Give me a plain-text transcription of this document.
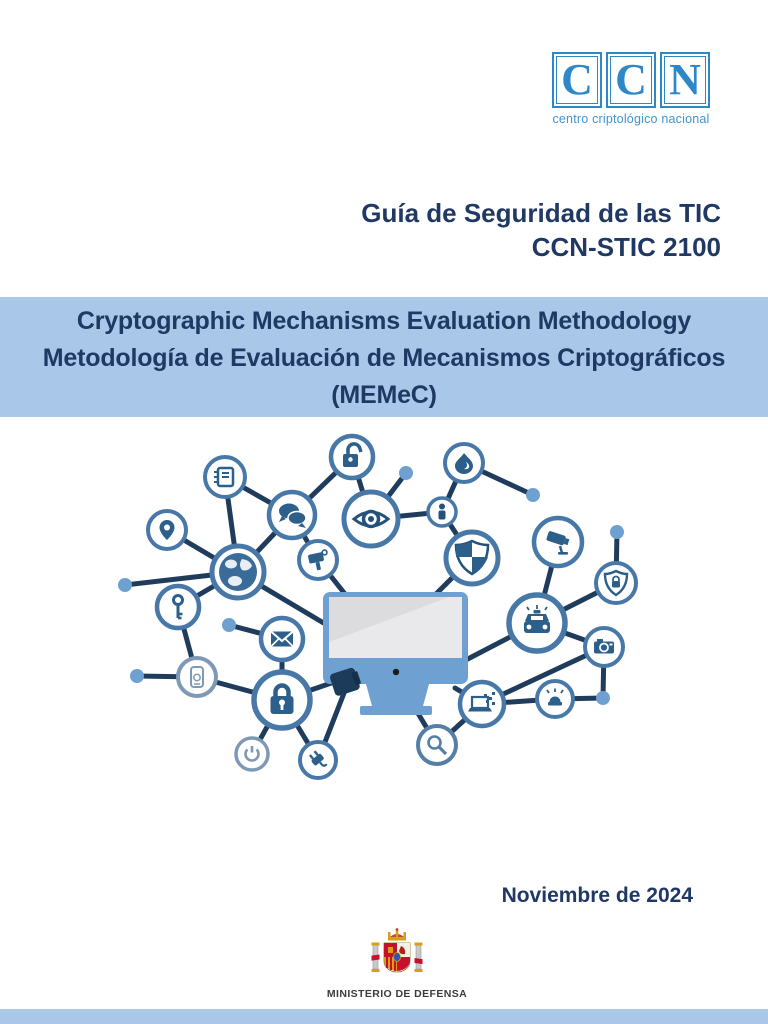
C C N
centro criptológico nacional
Guía de Seguridad de las TIC
CCN-STIC 2100
Cryptographic Mechanisms Evaluation Methodology
Metodología de Evaluación de Mecanismos Criptográficos
(MEMeC)
Noviembre de 2024
MINISTERIO DE DEFENSA
